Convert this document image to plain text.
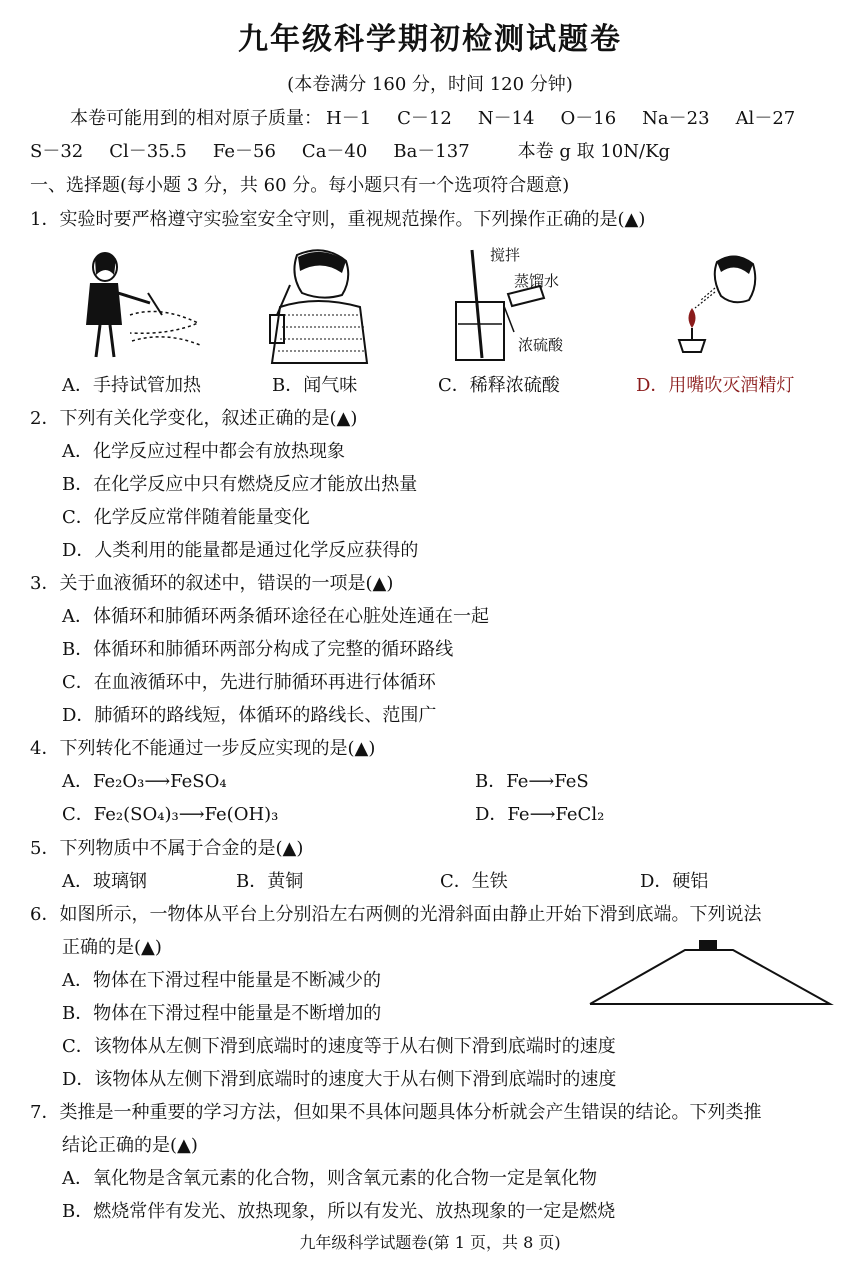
九年级科学期初检测试题卷
(本卷满分 160 分，时间 120 分钟)
本卷可能用到的相对原子质量： H－1 C－12 N－14 O－16 Na－23 Al－27
S－32 Cl－35.5 Fe－56 Ca－40 Ba－137	本卷 g 取 10N/Kg
一、选择题(每小题 3 分，共 60 分。每小题只有一个选项符合题意)
1．实验时要严格遵守实验室安全守则，重视规范操作。下列操作正确的是(▲)
搅拌
蒸馏水
浓硫酸
A．手持试管加热	B．闻气味	C．稀释浓硫酸	D．用嘴吹灭酒精灯
2．下列有关化学变化，叙述正确的是(▲)
A．化学反应过程中都会有放热现象
B．在化学反应中只有燃烧反应才能放出热量
C．化学反应常伴随着能量变化
D．人类利用的能量都是通过化学反应获得的
3．关于血液循环的叙述中，错误的一项是(▲)
A．体循环和肺循环两条循环途径在心脏处连通在一起
B．体循环和肺循环两部分构成了完整的循环路线
C．在血液循环中，先进行肺循环再进行体循环
D．肺循环的路线短，体循环的路线长、范围广
4．下列转化不能通过一步反应实现的是(▲)
A．Fe₂O₃⟶FeSO₄	B．Fe⟶FeS
C．Fe₂(SO₄)₃⟶Fe(OH)₃	D．Fe⟶FeCl₂
5．下列物质中不属于合金的是(▲)
A．玻璃钢	B．黄铜	C．生铁	D．硬铝
6．如图所示，一物体从平台上分别沿左右两侧的光滑斜面由静止开始下滑到底端。下列说法
正确的是(▲)
A．物体在下滑过程中能量是不断减少的
B．物体在下滑过程中能量是不断增加的
C．该物体从左侧下滑到底端时的速度等于从右侧下滑到底端时的速度
D．该物体从左侧下滑到底端时的速度大于从右侧下滑到底端时的速度
7．类推是一种重要的学习方法，但如果不具体问题具体分析就会产生错误的结论。下列类推
结论正确的是(▲)
A．氧化物是含氧元素的化合物，则含氧元素的化合物一定是氧化物
B．燃烧常伴有发光、放热现象，所以有发光、放热现象的一定是燃烧
九年级科学试题卷(第 1 页，共 8 页)
